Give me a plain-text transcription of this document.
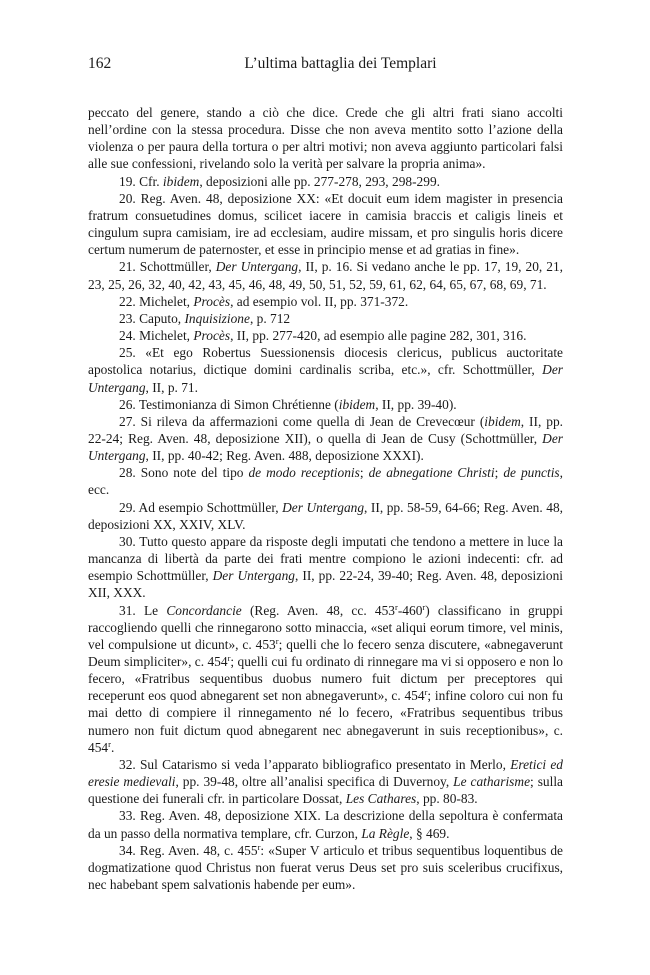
162	L’ultima battaglia dei Templari

peccato del genere, stando a ciò che dice. Crede che gli altri frati siano accolti nell’ordine con la stessa procedura. Disse che non aveva mentito sotto l’azione della violenza o per paura della tortura o per altri motivi; non aveva aggiunto particolari falsi alle sue confessioni, rivelando solo la verità per salvare la propria anima».

19. Cfr. ibidem, deposizioni alle pp. 277-278, 293, 298-299.

20. Reg. Aven. 48, deposizione XX: «Et docuit eum idem magister in presencia fratrum consuetudines domus, scilicet iacere in camisia braccis et caligis lineis et cingulum supra camisiam, ire ad ecclesiam, audire missam, et pro singulis horis dicere certum numerum de paternoster, et esse in principio mense et ad gratias in fine».

21. Schottmüller, Der Untergang, II, p. 16. Si vedano anche le pp. 17, 19, 20, 21, 23, 25, 26, 32, 40, 42, 43, 45, 46, 48, 49, 50, 51, 52, 59, 61, 62, 64, 65, 67, 68, 69, 71.

22. Michelet, Procès, ad esempio vol. II, pp. 371-372.

23. Caputo, Inquisizione, p. 712

24. Michelet, Procès, II, pp. 277-420, ad esempio alle pagine 282, 301, 316.

25. «Et ego Robertus Suessionensis diocesis clericus, publicus auctoritate apostolica notarius, dictique domini cardinalis scriba, etc.», cfr. Schottmüller, Der Untergang, II, p. 71.

26. Testimonianza di Simon Chrétienne (ibidem, II, pp. 39-40).

27. Si rileva da affermazioni come quella di Jean de Crevecœur (ibidem, II, pp. 22-24; Reg. Aven. 48, deposizione XII), o quella di Jean de Cusy (Schottmüller, Der Untergang, II, pp. 40-42; Reg. Aven. 488, deposizione XXXI).

28. Sono note del tipo de modo receptionis; de abnegatione Christi; de punctis, ecc.

29. Ad esempio Schottmüller, Der Untergang, II, pp. 58-59, 64-66; Reg. Aven. 48, deposizioni XX, XXIV, XLV.

30. Tutto questo appare da risposte degli imputati che tendono a mettere in luce la mancanza di libertà da parte dei frati mentre compiono le azioni indecenti: cfr. ad esempio Schottmüller, Der Untergang, II, pp. 22-24, 39-40; Reg. Aven. 48, deposizioni XII, XXX.

31. Le Concordancie (Reg. Aven. 48, cc. 453$^r$-460$^r$) classificano in gruppi raccogliendo quelli che rinnegarono sotto minaccia, «set aliqui eorum timore, vel minis, vel compulsione ut dicunt», c. 453$^r$; quelli che lo fecero senza discutere, «abnegaverunt Deum simpliciter», c. 454$^r$; quelli cui fu ordinato di rinnegare ma vi si opposero e non lo fecero, «Fratribus sequentibus duobus numero fuit dictum per preceptores qui receperunt eos quod abnegarent set non abnegaverunt», c. 454$^r$; infine coloro cui non fu mai detto di compiere il rinnegamento né lo fecero, «Fratribus sequentibus tribus numero non fuit dictum quod abnegarent nec abnegaverunt in suis receptionibus», c. 454$^r$.

32. Sul Catarismo si veda l’apparato bibliografico presentato in Merlo, Eretici ed eresie medievali, pp. 39-48, oltre all’analisi specifica di Duvernoy, Le catharisme; sulla questione dei funerali cfr. in particolare Dossat, Les Cathares, pp. 80-83.

33. Reg. Aven. 48, deposizione XIX. La descrizione della sepoltura è confermata da un passo della normativa templare, cfr. Curzon, La Règle, § 469.

34. Reg. Aven. 48, c. 455$^r$: «Super V articulo et tribus sequentibus loquentibus de dogmatizatione quod Christus non fuerat verus Deus set pro suis sceleribus crucifixus, nec habebant spem salvationis habende per eum».
